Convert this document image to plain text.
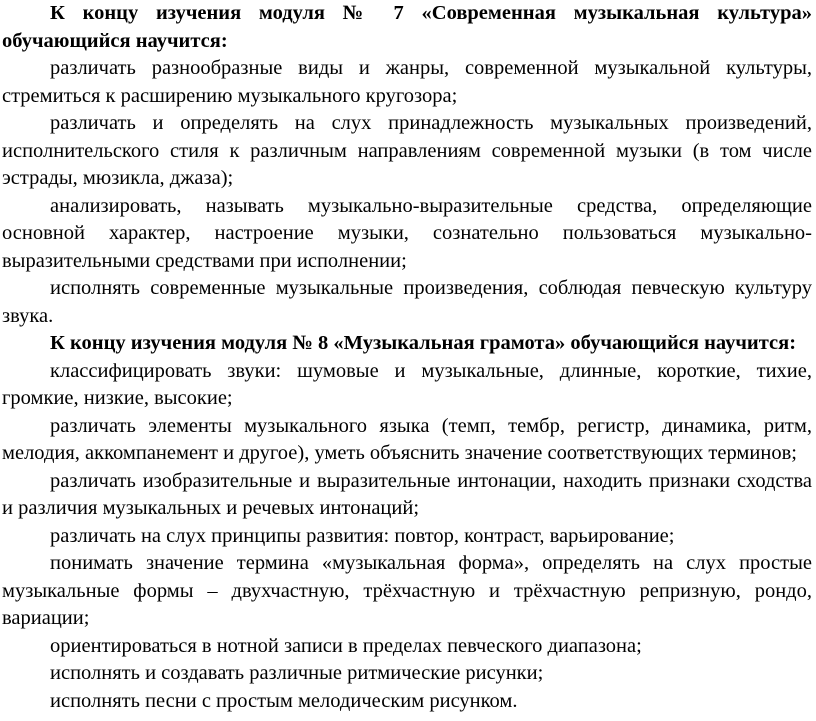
К концу изучения модуля № 7 «Современная музыкальная культура» обучающийся научится:

различать разнообразные виды и жанры, современной музыкальной культуры, стремиться к расширению музыкального кругозора;

различать и определять на слух принадлежность музыкальных произведений, исполнительского стиля к различным направлениям современной музыки (в том числе эстрады, мюзикла, джаза);

анализировать, называть музыкально-выразительные средства, определяющие основной характер, настроение музыки, сознательно пользоваться музыкально-выразительными средствами при исполнении;

исполнять современные музыкальные произведения, соблюдая певческую культуру звука.

К концу изучения модуля № 8 «Музыкальная грамота» обучающийся научится:

классифицировать звуки: шумовые и музыкальные, длинные, короткие, тихие, громкие, низкие, высокие;

различать элементы музыкального языка (темп, тембр, регистр, динамика, ритм, мелодия, аккомпанемент и другое), уметь объяснить значение соответствующих терминов;

различать изобразительные и выразительные интонации, находить признаки сходства и различия музыкальных и речевых интонаций;

различать на слух принципы развития: повтор, контраст, варьирование;

понимать значение термина «музыкальная форма», определять на слух простые музыкальные формы – двухчастную, трёхчастную и трёхчастную репризную, рондо, вариации;

ориентироваться в нотной записи в пределах певческого диапазона;

исполнять и создавать различные ритмические рисунки;

исполнять песни с простым мелодическим рисунком.
